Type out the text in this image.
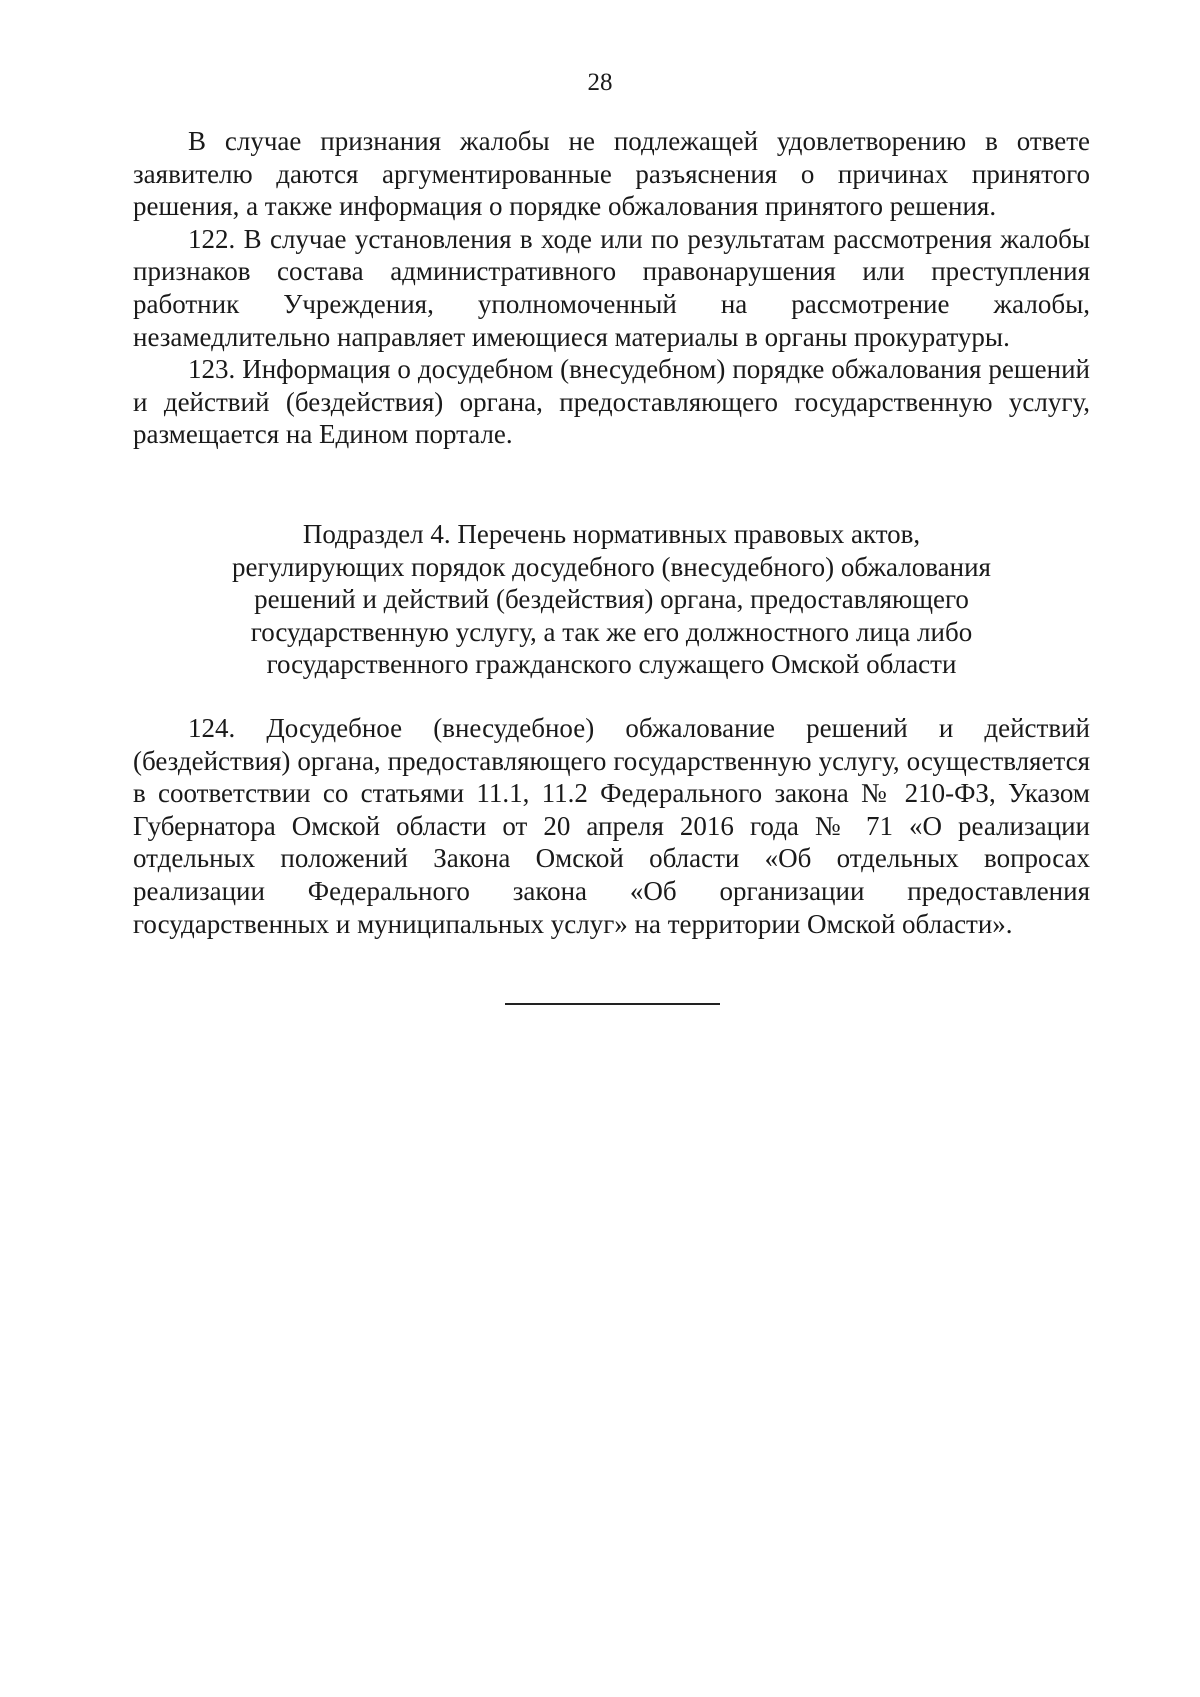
28

В случае признания жалобы не подлежащей удовлетворению в ответе заявителю даются аргументированные разъяснения о причинах принятого решения, а также информация о порядке обжалования принятого решения.

122. В случае установления в ходе или по результатам рассмотрения жалобы признаков состава административного правонарушения или преступления работник Учреждения, уполномоченный на рассмотрение жалобы, незамедлительно направляет имеющиеся материалы в органы прокуратуры.

123. Информация о досудебном (внесудебном) порядке обжалования решений и действий (бездействия) органа, предоставляющего государственную услугу, размещается на Едином портале.

Подраздел 4. Перечень нормативных правовых актов,
регулирующих порядок досудебного (внесудебного) обжалования
решений и действий (бездействия) органа, предоставляющего
государственную услугу, а так же его должностного лица либо
государственного гражданского служащего Омской области

124. Досудебное (внесудебное) обжалование решений и действий (бездействия) органа, предоставляющего государственную услугу, осуществляется в соответствии со статьями 11.1, 11.2 Федерального закона № 210-ФЗ, Указом Губернатора Омской области от 20 апреля 2016 года № 71 «О реализации отдельных положений Закона Омской области «Об отдельных вопросах реализации Федерального закона «Об организации предоставления государственных и муниципальных услуг» на территории Омской области».
